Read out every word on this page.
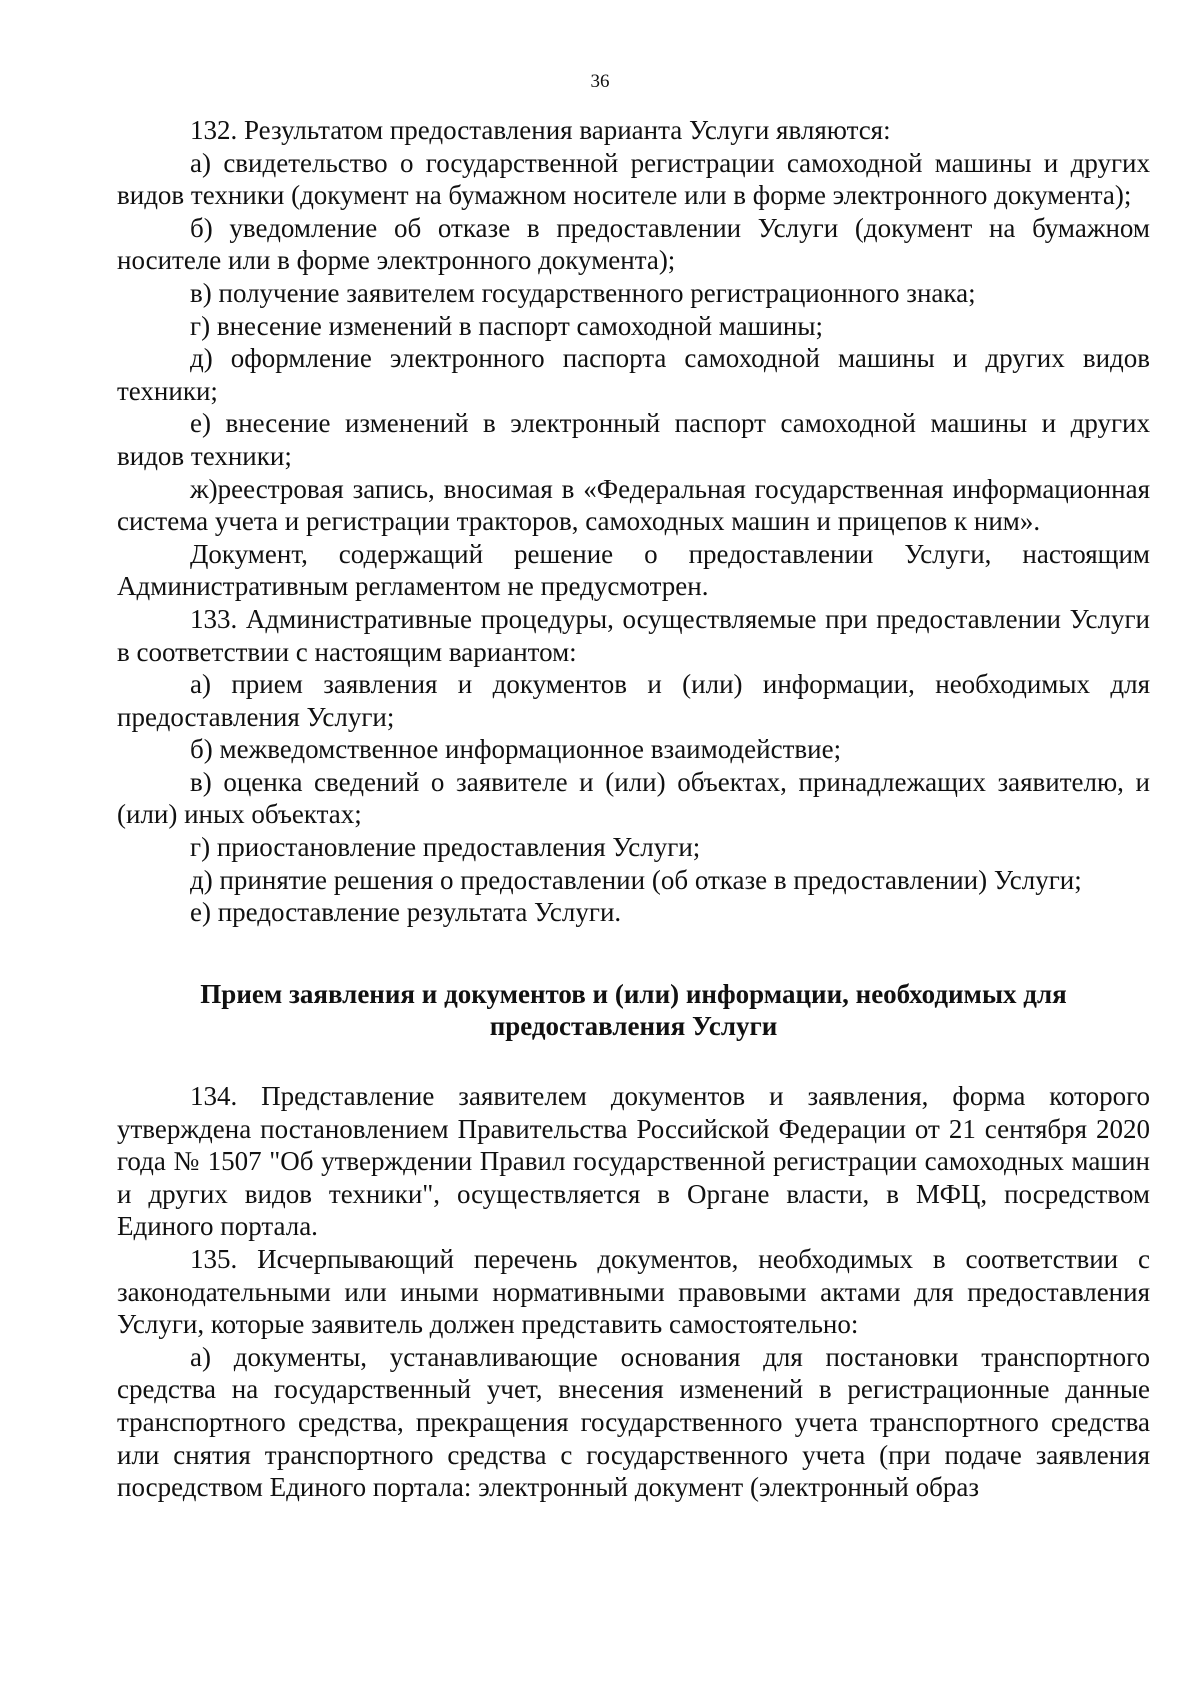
36

132. Результатом предоставления варианта Услуги являются:

а) свидетельство о государственной регистрации самоходной машины и других видов техники (документ на бумажном носителе или в форме электронного документа);

б) уведомление об отказе в предоставлении Услуги (документ на бумажном носителе или в форме электронного документа);

в) получение заявителем государственного регистрационного знака;

г) внесение изменений в паспорт самоходной машины;

д) оформление электронного паспорта самоходной машины и других видов техники;

е) внесение изменений в электронный паспорт самоходной машины и других видов техники;

ж)реестровая запись, вносимая в «Федеральная государственная информационная система учета и регистрации тракторов, самоходных машин и прицепов к ним».

Документ, содержащий решение о предоставлении Услуги, настоящим Административным регламентом не предусмотрен.

133. Административные процедуры, осуществляемые при предоставлении Услуги в соответствии с настоящим вариантом:

а) прием заявления и документов и (или) информации, необходимых для предоставления Услуги;

б) межведомственное информационное взаимодействие;

в) оценка сведений о заявителе и (или) объектах, принадлежащих заявителю, и (или) иных объектах;

г) приостановление предоставления Услуги;

д) принятие решения о предоставлении (об отказе в предоставлении) Услуги;

е) предоставление результата Услуги.

Прием заявления и документов и (или) информации, необходимых для предоставления Услуги

134. Представление заявителем документов и заявления, форма которого утверждена постановлением Правительства Российской Федерации от 21 сентября 2020 года № 1507 "Об утверждении Правил государственной регистрации самоходных машин и других видов техники", осуществляется в Органе власти, в МФЦ, посредством Единого портала.

135. Исчерпывающий перечень документов, необходимых в соответствии с законодательными или иными нормативными правовыми актами для предоставления Услуги, которые заявитель должен представить самостоятельно:

а) документы, устанавливающие основания для постановки транспортного средства на государственный учет, внесения изменений в регистрационные данные транспортного средства, прекращения государственного учета транспортного средства или снятия транспортного средства с государственного учета (при подаче заявления посредством Единого портала: электронный документ (электронный образ
